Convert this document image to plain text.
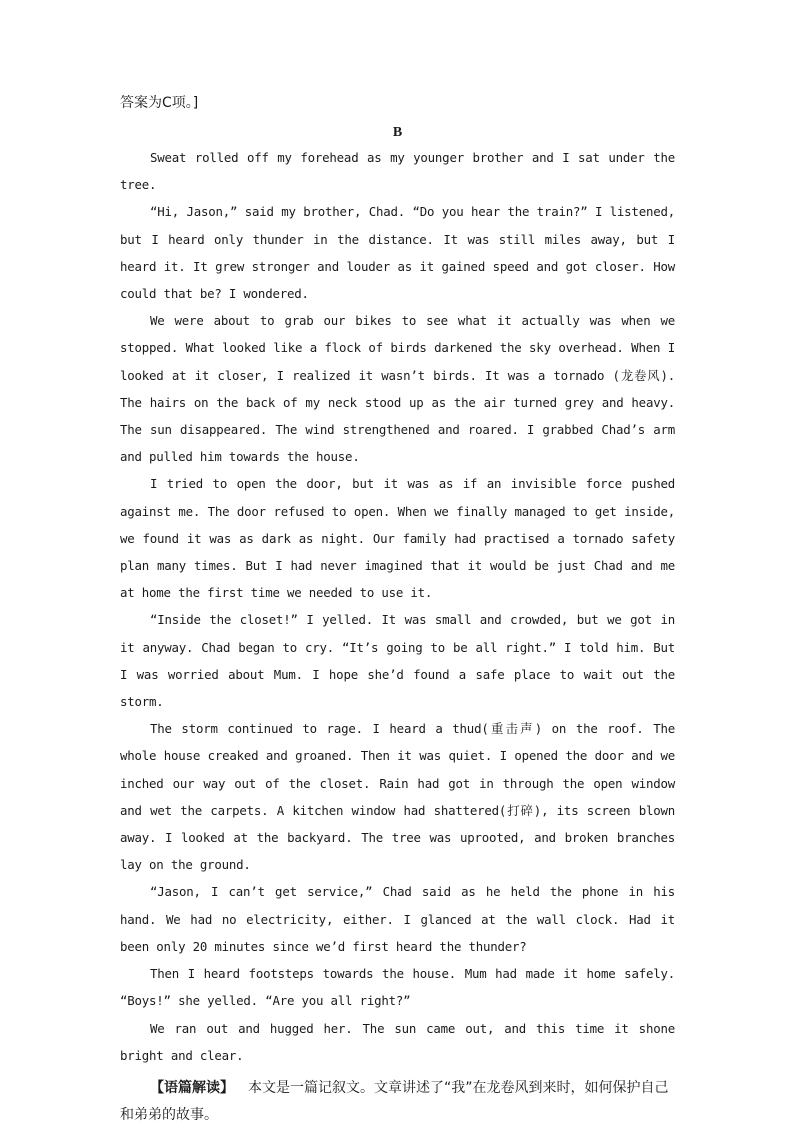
答案为C项。]

B

Sweat rolled off my forehead as my younger brother and I sat under the tree.

“Hi, Jason,” said my brother, Chad. “Do you hear the train?” I listened, but I heard only thunder in the distance. It was still miles away, but I heard it. It grew stronger and louder as it gained speed and got closer. How could that be? I wondered.

We were about to grab our bikes to see what it actually was when we stopped. What looked like a flock of birds darkened the sky overhead. When I looked at it closer, I realized it wasn’t birds. It was a tornado (龙卷风). The hairs on the back of my neck stood up as the air turned grey and heavy. The sun disappeared. The wind strengthened and roared. I grabbed Chad’s arm and pulled him towards the house.

I tried to open the door, but it was as if an invisible force pushed against me. The door refused to open. When we finally managed to get inside, we found it was as dark as night. Our family had practised a tornado safety plan many times. But I had never imagined that it would be just Chad and me at home the first time we needed to use it.

“Inside the closet!” I yelled. It was small and crowded, but we got in it anyway. Chad began to cry. “It’s going to be all right.” I told him. But I was worried about Mum. I hope she’d found a safe place to wait out the storm.

The storm continued to rage. I heard a thud(重击声) on the roof. The whole house creaked and groaned. Then it was quiet. I opened the door and we inched our way out of the closet. Rain had got in through the open window and wet the carpets. A kitchen window had shattered(打碎), its screen blown away. I looked at the backyard. The tree was uprooted, and broken branches lay on the ground.

“Jason, I can’t get service,” Chad said as he held the phone in his hand. We had no electricity, either. I glanced at the wall clock. Had it been only 20 minutes since we’d first heard the thunder?

Then I heard footsteps towards the house. Mum had made it home safely. “Boys!” she yelled. “Are you all right?”

We ran out and hugged her. The sun came out, and this time it shone bright and clear.

【语篇解读】 本文是一篇记叙文。文章讲述了“我”在龙卷风到来时，如何保护自己和弟弟的故事。
